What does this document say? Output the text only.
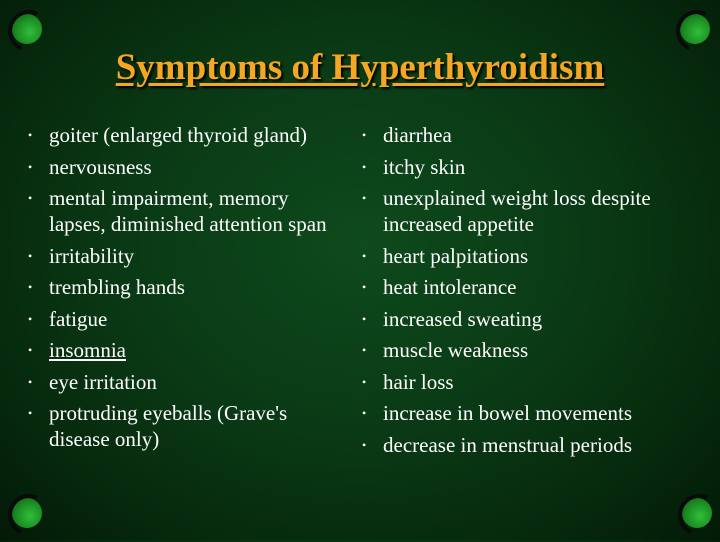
Symptoms of Hyperthyroidism
• goiter (enlarged thyroid gland)
• nervousness
• mental impairment, memory lapses, diminished attention span
• irritability
• trembling hands
• fatigue
• insomnia
• eye irritation
• protruding eyeballs (Grave's disease only)
• diarrhea
• itchy skin
• unexplained weight loss despite increased appetite
• heart palpitations
• heat intolerance
• increased sweating
• muscle weakness
• hair loss
• increase in bowel movements
• decrease in menstrual periods
